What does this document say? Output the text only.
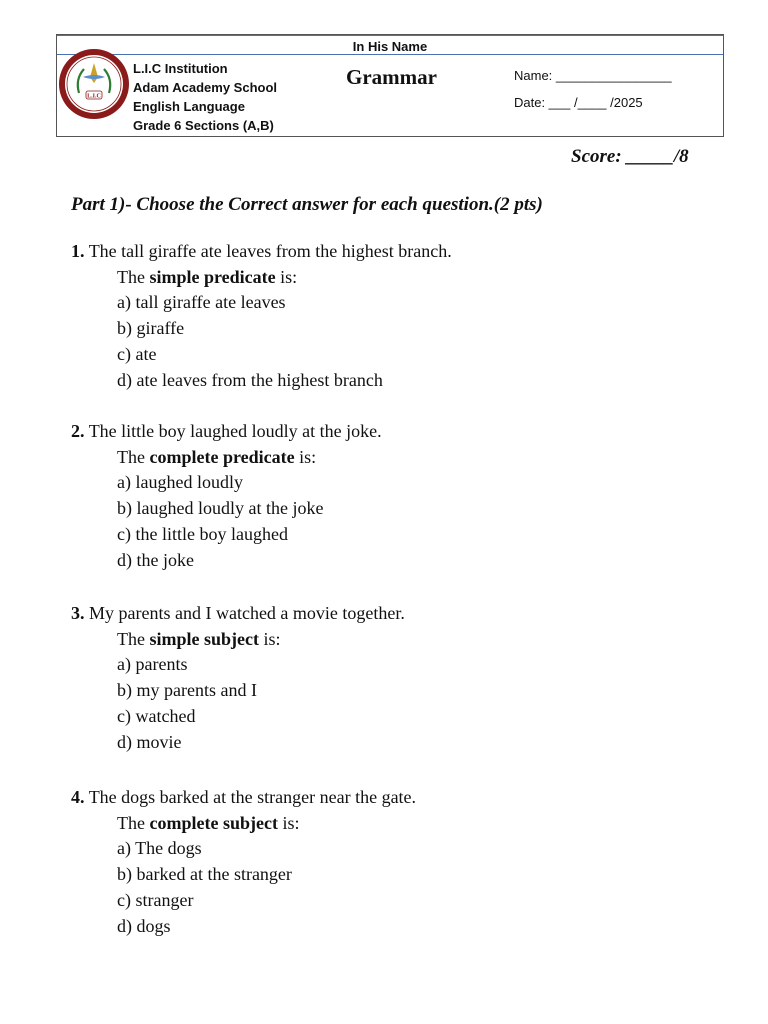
In His Name
L.I.C
L.I.C Institution
Adam Academy School
English Language
Grade 6 Sections (A,B)
Grammar	Name: ________________
Date: ___ /____ /2025
Score: _____/8
Part 1)- Choose the Correct answer for each question.(2 pts)
1. The tall giraffe ate leaves from the highest branch.
The simple predicate is:
a) tall giraffe ate leaves
b) giraffe
c) ate
d) ate leaves from the highest branch
2. The little boy laughed loudly at the joke.
The complete predicate is:
a) laughed loudly
b) laughed loudly at the joke
c) the little boy laughed
d) the joke
3. My parents and I watched a movie together.
The simple subject is:
a) parents
b) my parents and I
c) watched
d) movie
4. The dogs barked at the stranger near the gate.
The complete subject is:
a) The dogs
b) barked at the stranger
c) stranger
d) dogs
